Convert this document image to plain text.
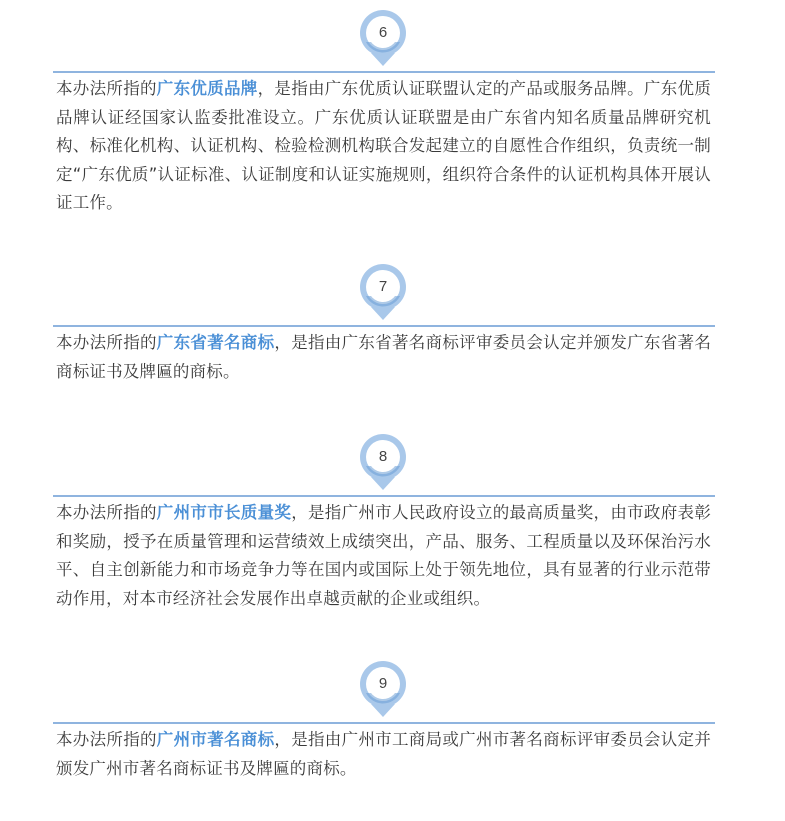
6

本办法所指的广东优质品牌，是指由广东优质认证联盟认定的产品或服务品牌。广东优质品牌认证经国家认监委批准设立。广东优质认证联盟是由广东省内知名质量品牌研究机构、标准化机构、认证机构、检验检测机构联合发起建立的自愿性合作组织，负责统一制定“广东优质”认证标准、认证制度和认证实施规则，组织符合条件的认证机构具体开展认证工作。

7

本办法所指的广东省著名商标，是指由广东省著名商标评审委员会认定并颁发广东省著名商标证书及牌匾的商标。

8

本办法所指的广州市市长质量奖，是指广州市人民政府设立的最高质量奖，由市政府表彰和奖励，授予在质量管理和运营绩效上成绩突出，产品、服务、工程质量以及环保治污水平、自主创新能力和市场竞争力等在国内或国际上处于领先地位，具有显著的行业示范带动作用，对本市经济社会发展作出卓越贡献的企业或组织。

9

本办法所指的广州市著名商标，是指由广州市工商局或广州市著名商标评审委员会认定并颁发广州市著名商标证书及牌匾的商标。
